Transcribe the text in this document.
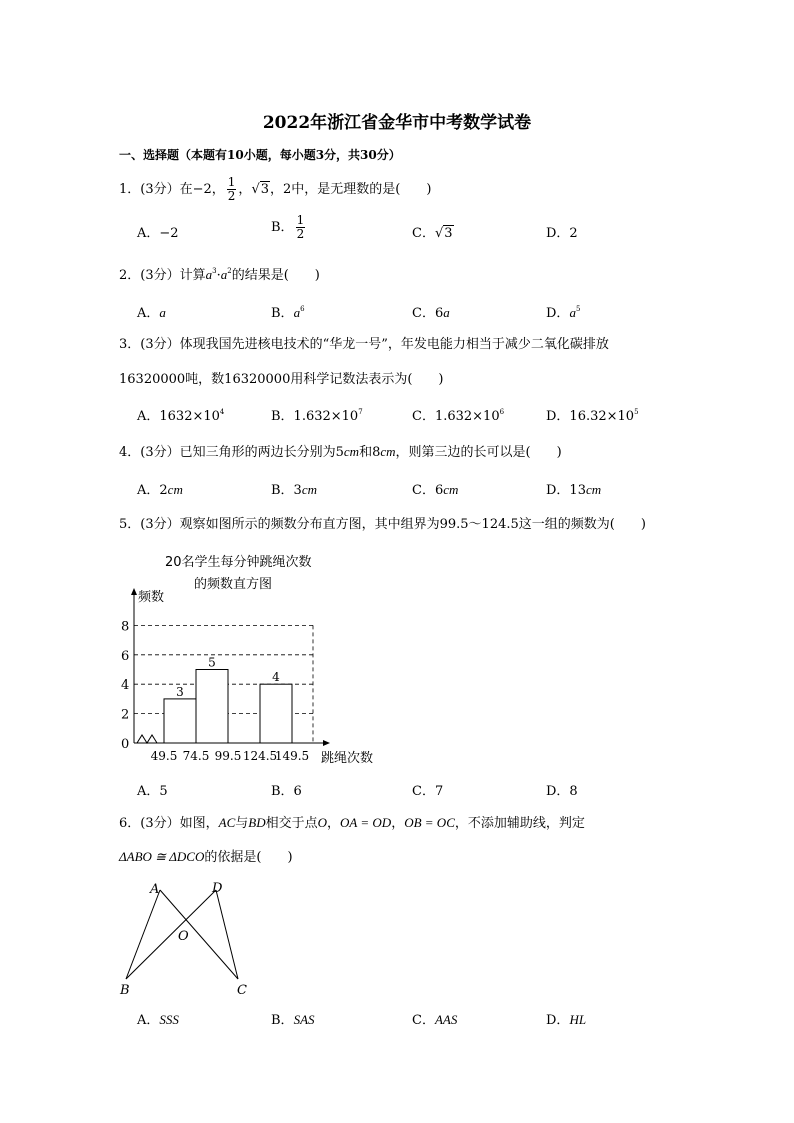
2022年浙江省金华市中考数学试卷
一、选择题（本题有10小题，每小题3分，共30分）
1．(3分）在−2， $\frac{1}{2}$ ，√3，2中，是无理数的是(　　)
A．−2	B． $\frac{1}{2}$	C．√3	D．2
2．(3分）计算$a^3\cdot a^2$的结果是(　　)
A．a	B．$a^6$	C．6a	D．$a^5$
3．(3分）体现我国先进核电技术的“华龙一号”，年发电能力相当于减少二氧化碳排放
16320000吨，数16320000用科学记数法表示为(　　)
A．$1632\times 10^4$	B．$1.632\times 10^7$	C．$1.632\times 10^6$	D．$16.32\times 10^5$
4．(3分）已知三角形的两边长分别为5cm和8cm，则第三边的长可以是(　　)
A．2cm	B．3cm	C．6cm	D．13cm
5．(3分）观察如图所示的频数分布直方图，其中组界为99.5～124.5这一组的频数为(　　)
20名学生每分钟跳绳次数
的频数直方图
频数
跳绳次数
0
2
4
6
8
3
5
4
49.5 74.5 99.5 124.5
149.5
A．5	B．6	C．7	D．8
6．(3分）如图，AC与BD相交于点O，OA = OD，OB = OC，不添加辅助线，判定
ΔABO ≅ ΔDCO的依据是(　　)
A	D
O
B	C
A．SSS	B．SAS	C．AAS	D．HL
